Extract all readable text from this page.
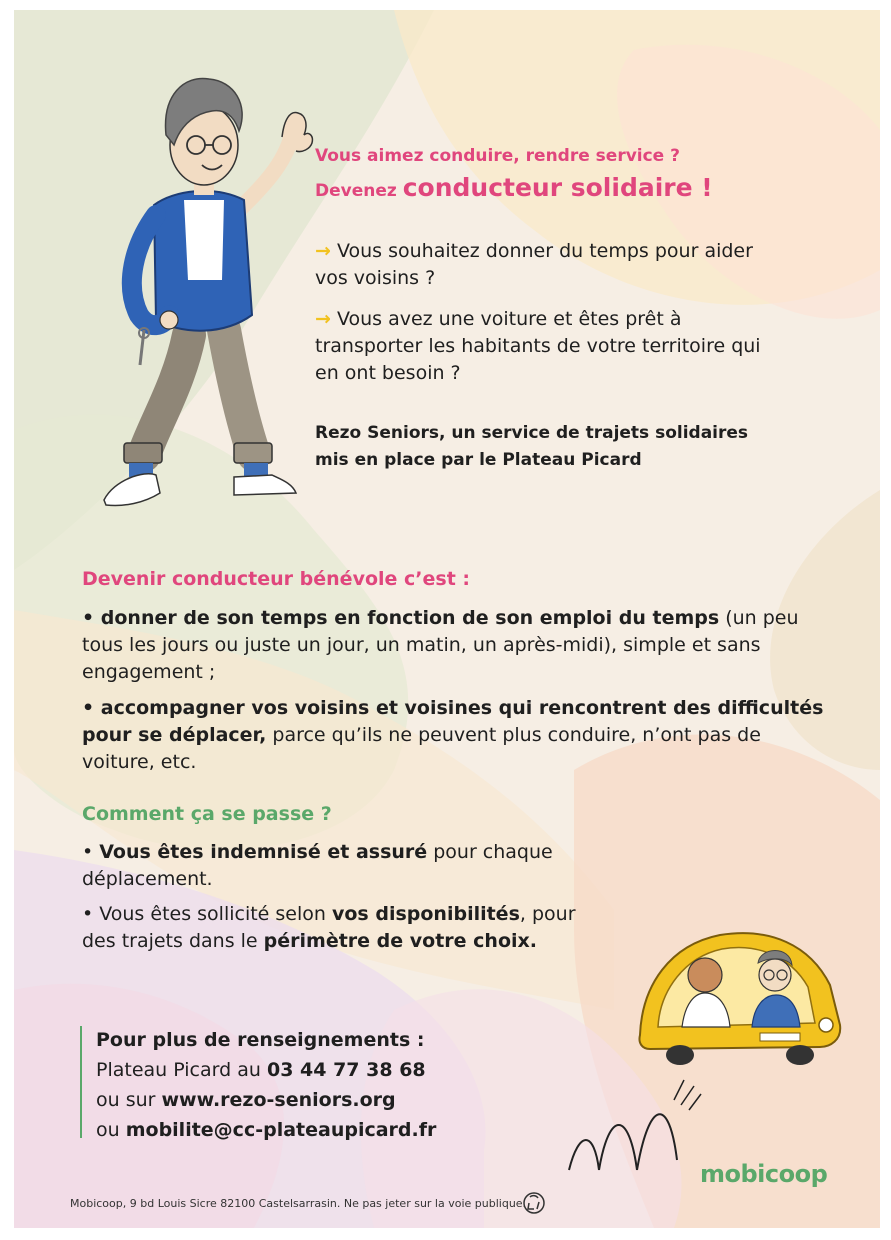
Vous aimez conduire, rendre service ?
Devenez conducteur solidaire !
→ Vous souhaitez donner du temps pour aider
vos voisins ?
→ Vous avez une voiture et êtes prêt à
transporter les habitants de votre territoire qui
en ont besoin ?
Rezo Seniors, un service de trajets solidaires
mis en place par le Plateau Picard
Devenir conducteur bénévole c’est :
• donner de son temps en fonction de son emploi du temps (un peu
tous les jours ou juste un jour, un matin, un après-midi), simple et sans
engagement ;
• accompagner vos voisins et voisines qui rencontrent des difficultés
pour se déplacer, parce qu’ils ne peuvent plus conduire, n’ont pas de
voiture, etc.
Comment ça se passe ?
• Vous êtes indemnisé et assuré pour chaque
déplacement.
• Vous êtes sollicité selon vos disponibilités, pour
des trajets dans le périmètre de votre choix.
Pour plus de renseignements :
Plateau Picard au 03 44 77 38 68
ou sur www.rezo-seniors.org
ou mobilite@cc-plateaupicard.fr
mobicoop
Mobicoop, 9 bd Louis Sicre 82100 Castelsarrasin. Ne pas jeter sur la voie publique.
